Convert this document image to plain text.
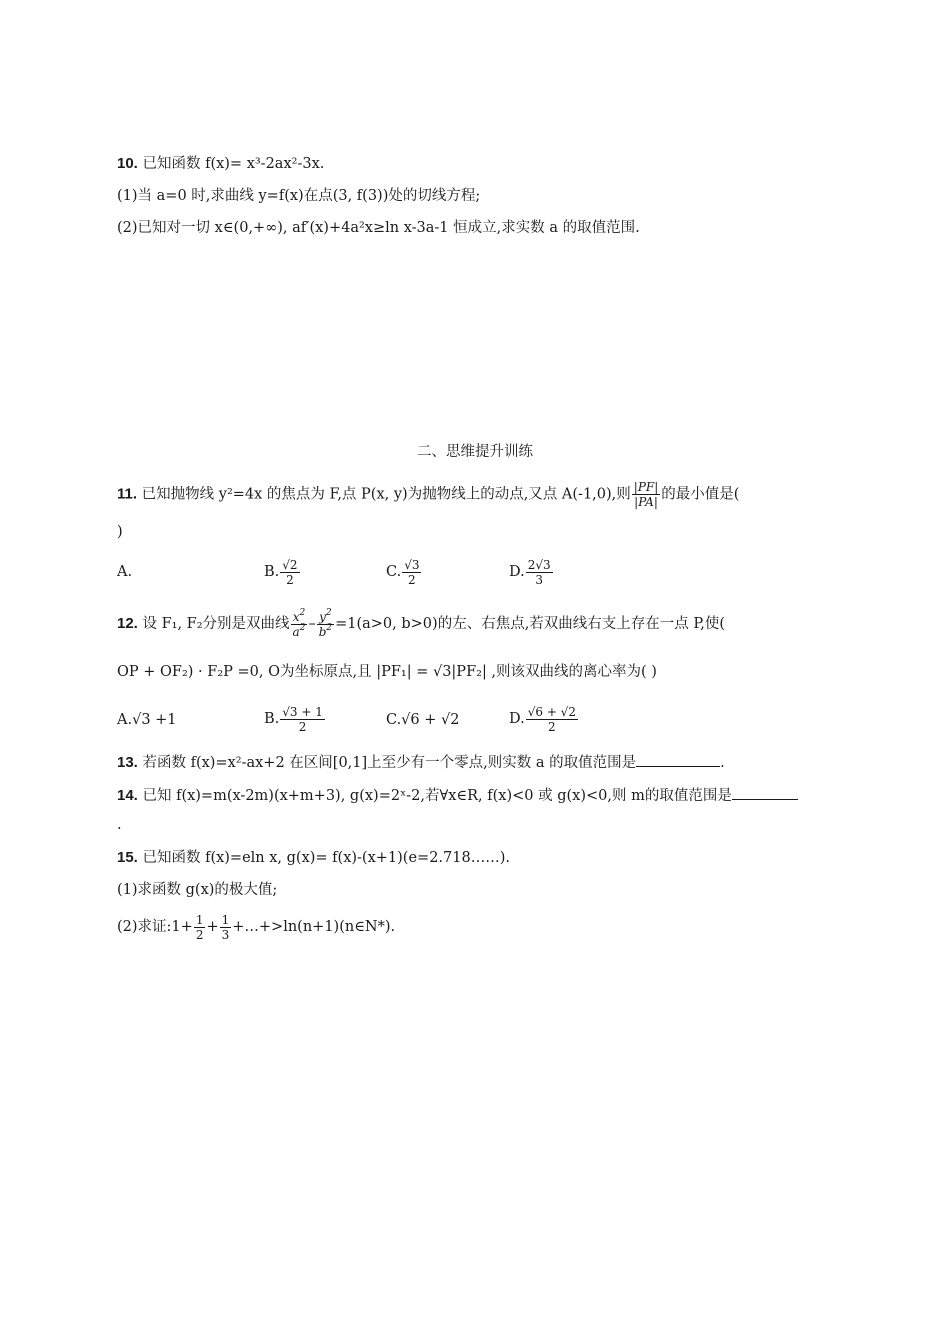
10. 已知函数 f(x)= x³-2ax²-3x.
(1)当 a=0 时,求曲线 y=f(x)在点(3, f(3))处的切线方程;
(2)已知对一切 x∈(0,+∞), af′(x)+4a²x≥ln x-3a-1 恒成立,求实数 a 的取值范围.
二、思维提升训练
11. 已知抛物线 y²=4x 的焦点为 F,点 P(x, y)为抛物线上的动点,又点 A(-1,0),则 $\frac{|PF|}{|PA|}$ 的最小值是(
)
A.	B. $\frac{√2}{2}$	C. $\frac{√3}{2}$	D. $\frac{2√3}{3}$
12. 设 F₁, F₂分别是双曲线 $\frac{x^2}{a^2} - \frac{y^2}{b^2} =1(a>0$, b>0)的左、右焦点,若双曲线右支上存在一点 P,使(
OP + OF₂) · F₂P =0, O为坐标原点,且 |PF₁| = √3|PF₂| ,则该双曲线的离心率为( )
A.√3 +1	B. $\frac{√3 + 1}{2}$	C.√6 + √2	D. $\frac{√6 + √2}{2}$
13. 若函数 f(x)=x²-ax+2 在区间[0,1]上至少有一个零点,则实数 a 的取值范围是	.
14. 已知 f(x)=m(x-2m)(x+m+3), g(x)=2ˣ-2,若∀x∈R, f(x)<0 或 g(x)<0,则 m的取值范围是
.
15. 已知函数 f(x)=eln x, g(x)= f(x)-(x+1)(e=2.718……).
(1)求函数 g(x)的极大值;
(2)求证:1+ $\frac{1}{2} + \frac{1}{3}$ +…+>ln(n+1)(n∈N*).
